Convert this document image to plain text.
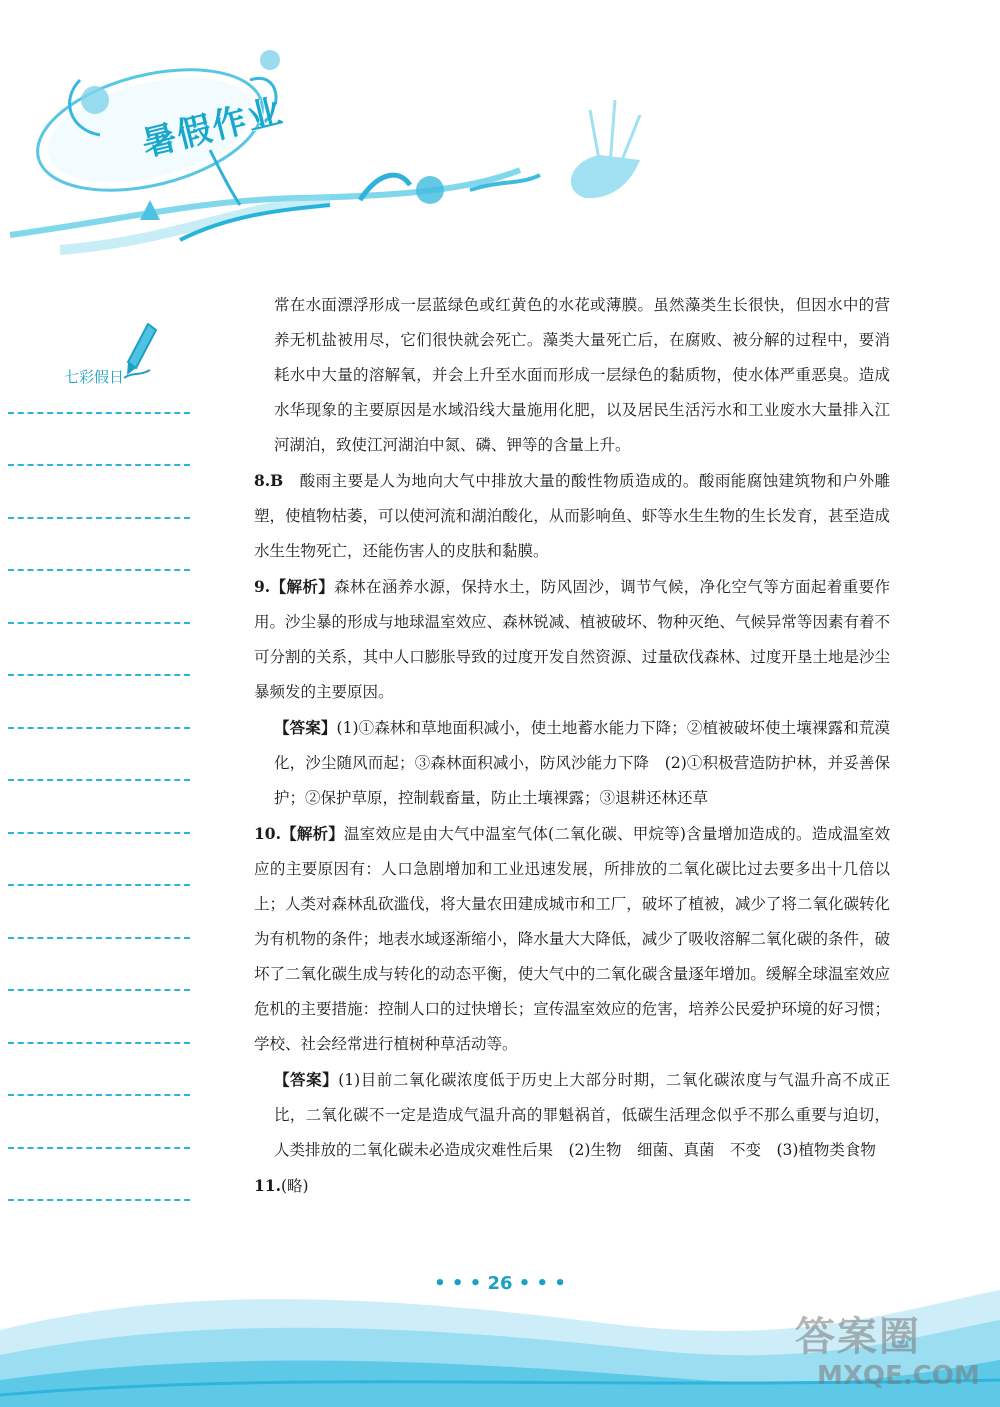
暑假作业
七彩假日

常在水面漂浮形成一层蓝绿色或红黄色的水花或薄膜。虽然藻类生长很快，但因水中的营养无机盐被用尽，它们很快就会死亡。藻类大量死亡后，在腐败、被分解的过程中，要消耗水中大量的溶解氧，并会上升至水面而形成一层绿色的黏质物，使水体严重恶臭。造成水华现象的主要原因是水域沿线大量施用化肥，以及居民生活污水和工业废水大量排入江河湖泊，致使江河湖泊中氮、磷、钾等的含量上升。

8.B　酸雨主要是人为地向大气中排放大量的酸性物质造成的。酸雨能腐蚀建筑物和户外雕塑，使植物枯萎，可以使河流和湖泊酸化，从而影响鱼、虾等水生生物的生长发育，甚至造成水生生物死亡，还能伤害人的皮肤和黏膜。

9.【解析】森林在涵养水源，保持水土，防风固沙，调节气候，净化空气等方面起着重要作用。沙尘暴的形成与地球温室效应、森林锐减、植被破坏、物种灭绝、气候异常等因素有着不可分割的关系，其中人口膨胀导致的过度开发自然资源、过量砍伐森林、过度开垦土地是沙尘暴频发的主要原因。

【答案】(1)①森林和草地面积减小，使土地蓄水能力下降；②植被破坏使土壤裸露和荒漠化，沙尘随风而起；③森林面积减小，防风沙能力下降　(2)①积极营造防护林，并妥善保护；②保护草原，控制载畜量，防止土壤裸露；③退耕还林还草

10.【解析】温室效应是由大气中温室气体(二氧化碳、甲烷等)含量增加造成的。造成温室效应的主要原因有：人口急剧增加和工业迅速发展，所排放的二氧化碳比过去要多出十几倍以上；人类对森林乱砍滥伐，将大量农田建成城市和工厂，破坏了植被，减少了将二氧化碳转化为有机物的条件；地表水域逐渐缩小，降水量大大降低，减少了吸收溶解二氧化碳的条件，破坏了二氧化碳生成与转化的动态平衡，使大气中的二氧化碳含量逐年增加。缓解全球温室效应危机的主要措施：控制人口的过快增长；宣传温室效应的危害，培养公民爱护环境的好习惯；学校、社会经常进行植树种草活动等。

【答案】(1)目前二氧化碳浓度低于历史上大部分时期，二氧化碳浓度与气温升高不成正比，二氧化碳不一定是造成气温升高的罪魁祸首，低碳生活理念似乎不那么重要与迫切，人类排放的二氧化碳未必造成灾难性后果　(2)生物　细菌、真菌　不变　(3)植物类食物

11.(略)

• • • 26 • • •
答案圈
MXQE.COM
